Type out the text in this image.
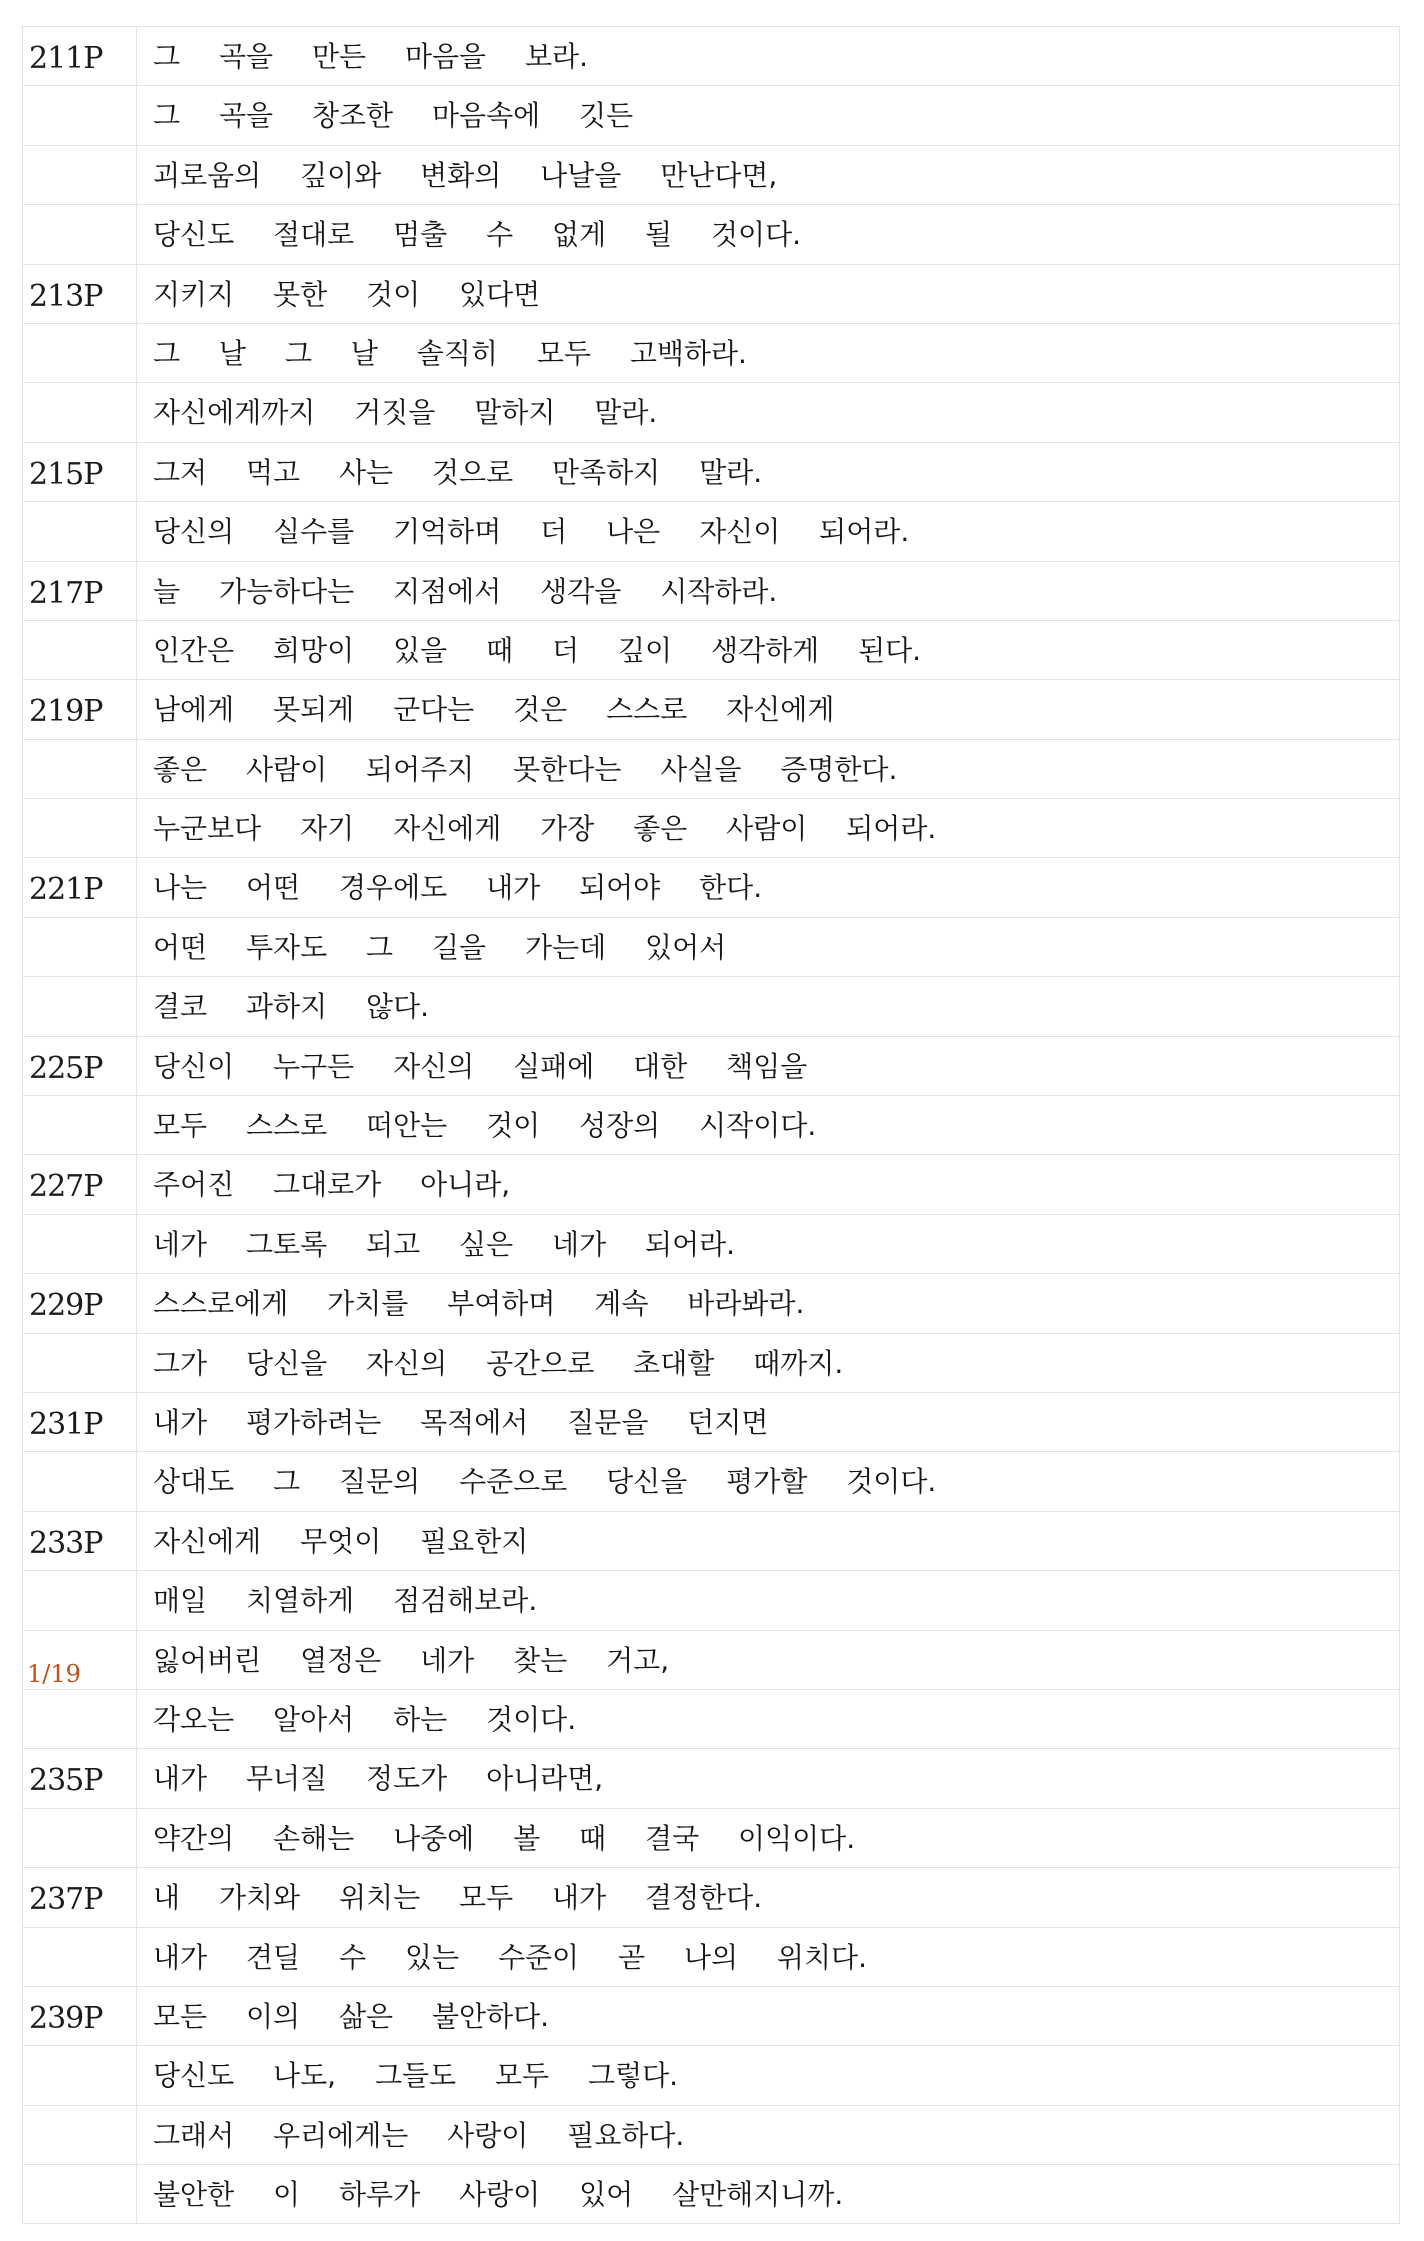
211P 그 곡을 만든 마음을 보라.
그 곡을 창조한 마음속에 깃든
괴로움의 깊이와 변화의 나날을 만난다면,
당신도 절대로 멈출 수 없게 될 것이다.
213P 지키지 못한 것이 있다면
그 날 그 날 솔직히 모두 고백하라.
자신에게까지 거짓을 말하지 말라.
215P 그저 먹고 사는 것으로 만족하지 말라.
당신의 실수를 기억하며 더 나은 자신이 되어라.
217P 늘 가능하다는 지점에서 생각을 시작하라.
인간은 희망이 있을 때 더 깊이 생각하게 된다.
219P 남에게 못되게 군다는 것은 스스로 자신에게
좋은 사람이 되어주지 못한다는 사실을 증명한다.
누군보다 자기 자신에게 가장 좋은 사람이 되어라.
221P 나는 어떤 경우에도 내가 되어야 한다.
어떤 투자도 그 길을 가는데 있어서
결코 과하지 않다.
225P 당신이 누구든 자신의 실패에 대한 책임을
모두 스스로 떠안는 것이 성장의 시작이다.
227P 주어진 그대로가 아니라,
네가 그토록 되고 싶은 네가 되어라.
229P 스스로에게 가치를 부여하며 계속 바라봐라.
그가 당신을 자신의 공간으로 초대할 때까지.
231P 내가 평가하려는 목적에서 질문을 던지면
상대도 그 질문의 수준으로 당신을 평가할 것이다.
233P 자신에게 무엇이 필요한지
매일 치열하게 점검해보라.
잃어버린 열정은 네가 찾는 거고,
1/19
각오는 알아서 하는 것이다.
235P 내가 무너질 정도가 아니라면,
약간의 손해는 나중에 볼 때 결국 이익이다.
237P 내 가치와 위치는 모두 내가 결정한다.
내가 견딜 수 있는 수준이 곧 나의 위치다.
239P 모든 이의 삶은 불안하다.
당신도 나도, 그들도 모두 그렇다.
그래서 우리에게는 사랑이 필요하다.
불안한 이 하루가 사랑이 있어 살만해지니까.
